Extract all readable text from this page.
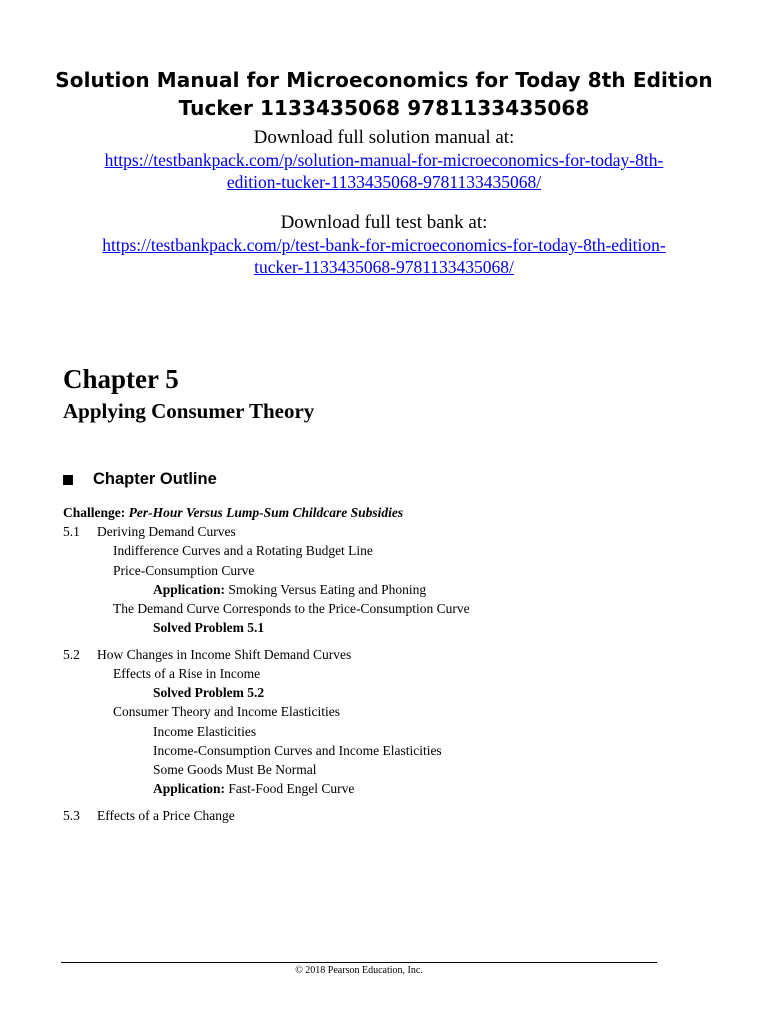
Solution Manual for Microeconomics for Today 8th Edition Tucker 1133435068 9781133435068
Download full solution manual at:
https://testbankpack.com/p/solution-manual-for-microeconomics-for-today-8th-
edition-tucker-1133435068-9781133435068/
Download full test bank at:
https://testbankpack.com/p/test-bank-for-microeconomics-for-today-8th-edition-
tucker-1133435068-9781133435068/
Chapter 5
Applying Consumer Theory
Chapter Outline
Challenge: Per-Hour Versus Lump-Sum Childcare Subsidies
5.1 Deriving Demand Curves
Indifference Curves and a Rotating Budget Line
Price-Consumption Curve
Application: Smoking Versus Eating and Phoning
The Demand Curve Corresponds to the Price-Consumption Curve
Solved Problem 5.1
5.2 How Changes in Income Shift Demand Curves
Effects of a Rise in Income
Solved Problem 5.2
Consumer Theory and Income Elasticities
Income Elasticities
Income-Consumption Curves and Income Elasticities
Some Goods Must Be Normal
Application: Fast-Food Engel Curve
5.3 Effects of a Price Change
© 2018 Pearson Education, Inc.
